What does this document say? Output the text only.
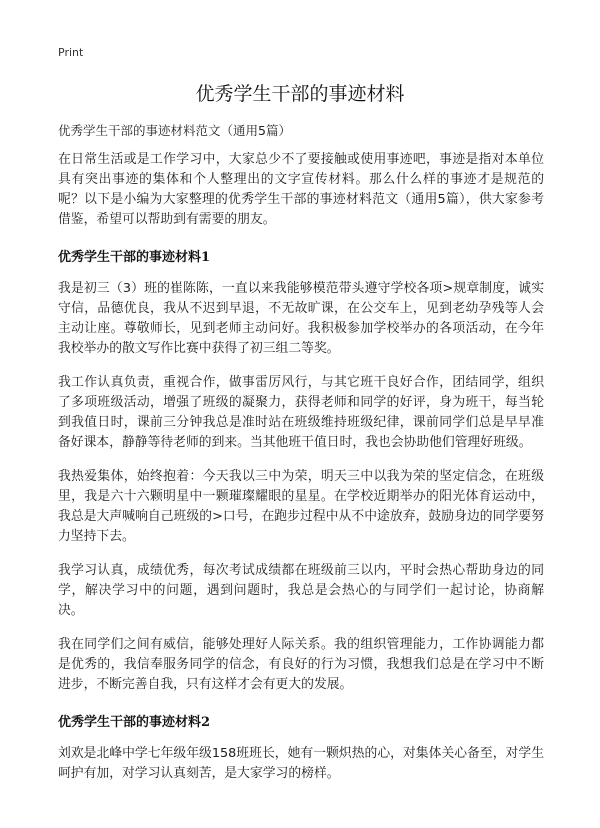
Print
优秀学生干部的事迹材料
优秀学生干部的事迹材料范文（通用5篇）

在日常生活或是工作学习中，大家总少不了要接触或使用事迹吧，事迹是指对本单位具有突出事迹的集体和个人整理出的文字宣传材料。那么什么样的事迹才是规范的呢？以下是小编为大家整理的优秀学生干部的事迹材料范文（通用5篇），供大家参考借鉴，希望可以帮助到有需要的朋友。

优秀学生干部的事迹材料1

我是初三（3）班的崔陈陈，一直以来我能够模范带头遵守学校各项>规章制度，诚实守信，品德优良，我从不迟到早退，不无故旷课，在公交车上，见到老幼孕残等人会主动让座。尊敬师长，见到老师主动问好。我积极参加学校举办的各项活动，在今年我校举办的散文写作比赛中获得了初三组二等奖。

我工作认真负责，重视合作，做事雷厉风行，与其它班干良好合作，团结同学，组织了多项班级活动，增强了班级的凝聚力，获得老师和同学的好评，身为班干，每当轮到我值日时，课前三分钟我总是准时站在班级维持班级纪律，课前同学们总是早早准备好课本，静静等待老师的到来。当其他班干值日时，我也会协助他们管理好班级。

我热爱集体，始终抱着：今天我以三中为荣，明天三中以我为荣的坚定信念，在班级里，我是六十六颗明星中一颗璀璨耀眼的星星。在学校近期举办的阳光体育运动中，我总是大声喊响自己班级的>口号，在跑步过程中从不中途放弃，鼓励身边的同学要努力坚持下去。

我学习认真，成绩优秀，每次考试成绩都在班级前三以内，平时会热心帮助身边的同学，解决学习中的问题，遇到问题时，我总是会热心的与同学们一起讨论，协商解决。

我在同学们之间有威信，能够处理好人际关系。我的组织管理能力，工作协调能力都是优秀的，我信奉服务同学的信念，有良好的行为习惯，我想我们总是在学习中不断进步，不断完善自我，只有这样才会有更大的发展。

优秀学生干部的事迹材料2

刘欢是北峰中学七年级年级158班班长，她有一颗炽热的心，对集体关心备至，对学生呵护有加，对学习认真刻苦，是大家学习的榜样。
